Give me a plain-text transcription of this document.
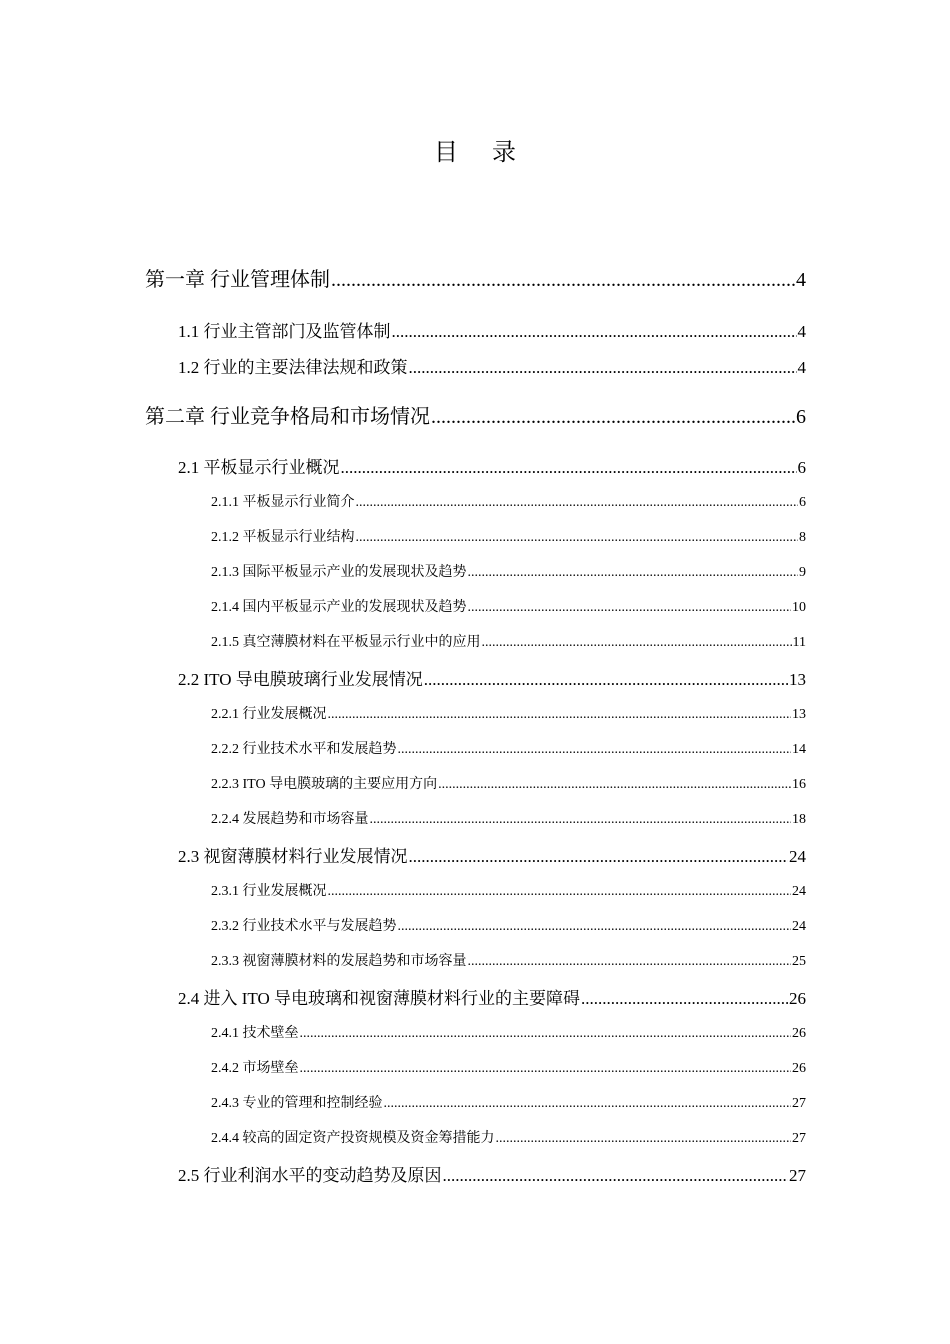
目 录
第一章 行业管理体制 .....	4
1.1 行业主管部门及监管体制 .....	4
1.2 行业的主要法律法规和政策 .....	4
第二章 行业竞争格局和市场情况 .....	6
2.1 平板显示行业概况 .....	6
2.1.1 平板显示行业简介 .....	6
2.1.2 平板显示行业结构 .....	8
2.1.3 国际平板显示产业的发展现状及趋势 .....	9
2.1.4 国内平板显示产业的发展现状及趋势 .....	10
2.1.5 真空薄膜材料在平板显示行业中的应用 .....	11
2.2 ITO 导电膜玻璃行业发展情况 .....	13
2.2.1 行业发展概况 .....	13
2.2.2 行业技术水平和发展趋势 .....	14
2.2.3 ITO 导电膜玻璃的主要应用方向 .....	16
2.2.4 发展趋势和市场容量 .....	18
2.3 视窗薄膜材料行业发展情况 .....	24
2.3.1 行业发展概况 .....	24
2.3.2 行业技术水平与发展趋势 .....	24
2.3.3 视窗薄膜材料的发展趋势和市场容量 .....	25
2.4 进入 ITO 导电玻璃和视窗薄膜材料行业的主要障碍 .....	26
2.4.1 技术壁垒 .....	26
2.4.2 市场壁垒 .....	26
2.4.3 专业的管理和控制经验 .....	27
2.4.4 较高的固定资产投资规模及资金筹措能力 .....	27
2.5 行业利润水平的变动趋势及原因 .....	27
